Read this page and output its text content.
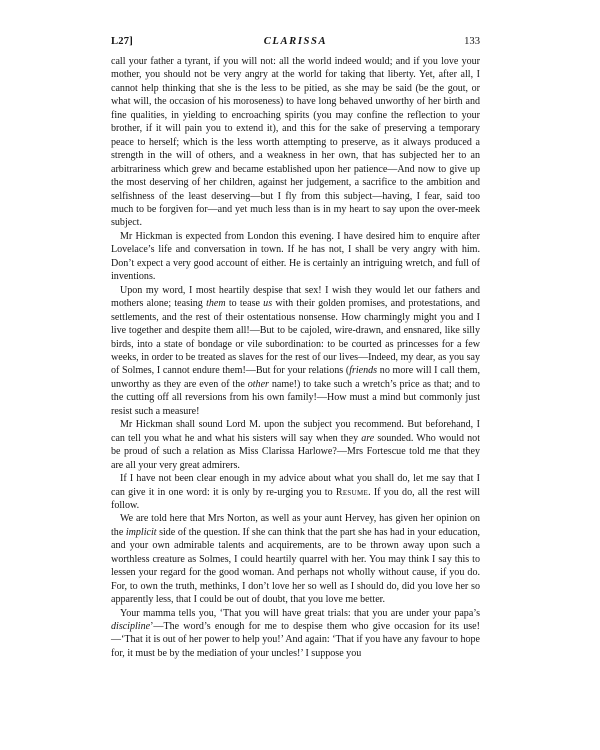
L27]	CLARISSA	133

call your father a tyrant, if you will not: all the world indeed would; and if you love your mother, you should not be very angry at the world for taking that liberty. Yet, after all, I cannot help thinking that she is the less to be pitied, as she may be said (be the gout, or what will, the occasion of his moroseness) to have long behaved unworthy of her birth and fine qualities, in yielding to encroaching spirits (you may confine the reflection to your brother, if it will pain you to extend it), and this for the sake of preserving a temporary peace to herself; which is the less worth attempting to preserve, as it always produced a strength in the will of others, and a weakness in her own, that has subjected her to an arbitrariness which grew and became established upon her patience—And now to give up the most deserving of her children, against her judgement, a sacrifice to the ambition and selfishness of the least deserving—but I fly from this subject—having, I fear, said too much to be forgiven for—and yet much less than is in my heart to say upon the over-meek subject.

Mr Hickman is expected from London this evening. I have desired him to enquire after Lovelace’s life and conversation in town. If he has not, I shall be very angry with him. Don’t expect a very good account of either. He is certainly an intriguing wretch, and full of inventions.

Upon my word, I most heartily despise that sex! I wish they would let our fathers and mothers alone; teasing them to tease us with their golden promises, and protestations, and settlements, and the rest of their ostentatious nonsense. How charmingly might you and I live together and despite them all!—But to be cajoled, wire-drawn, and ensnared, like silly birds, into a state of bondage or vile subordination: to be courted as princesses for a few weeks, in order to be treated as slaves for the rest of our lives—Indeed, my dear, as you say of Solmes, I cannot endure them!—But for your relations (friends no more will I call them, unworthy as they are even of the other name!) to take such a wretch’s price as that; and to the cutting off all reversions from his own family!—How must a mind but commonly just resist such a measure!

Mr Hickman shall sound Lord M. upon the subject you recommend. But beforehand, I can tell you what he and what his sisters will say when they are sounded. Who would not be proud of such a relation as Miss Clarissa Harlowe?—Mrs Fortescue told me that they are all your very great admirers.

If I have not been clear enough in my advice about what you shall do, let me say that I can give it in one word: it is only by re-urging you to Resume. If you do, all the rest will follow.

We are told here that Mrs Norton, as well as your aunt Hervey, has given her opinion on the implicit side of the question. If she can think that the part she has had in your education, and your own admirable talents and acquirements, are to be thrown away upon such a worthless creature as Solmes, I could heartily quarrel with her. You may think I say this to lessen your regard for the good woman. And perhaps not wholly without cause, if you do. For, to own the truth, methinks, I don’t love her so well as I should do, did you love her so apparently less, that I could be out of doubt, that you love me better.

Your mamma tells you, ‘That you will have great trials: that you are under your papa’s discipline’—The word’s enough for me to despise them who give occasion for its use!—‘That it is out of her power to help you!’ And again: ‘That if you have any favour to hope for, it must be by the mediation of your uncles!’ I suppose you
